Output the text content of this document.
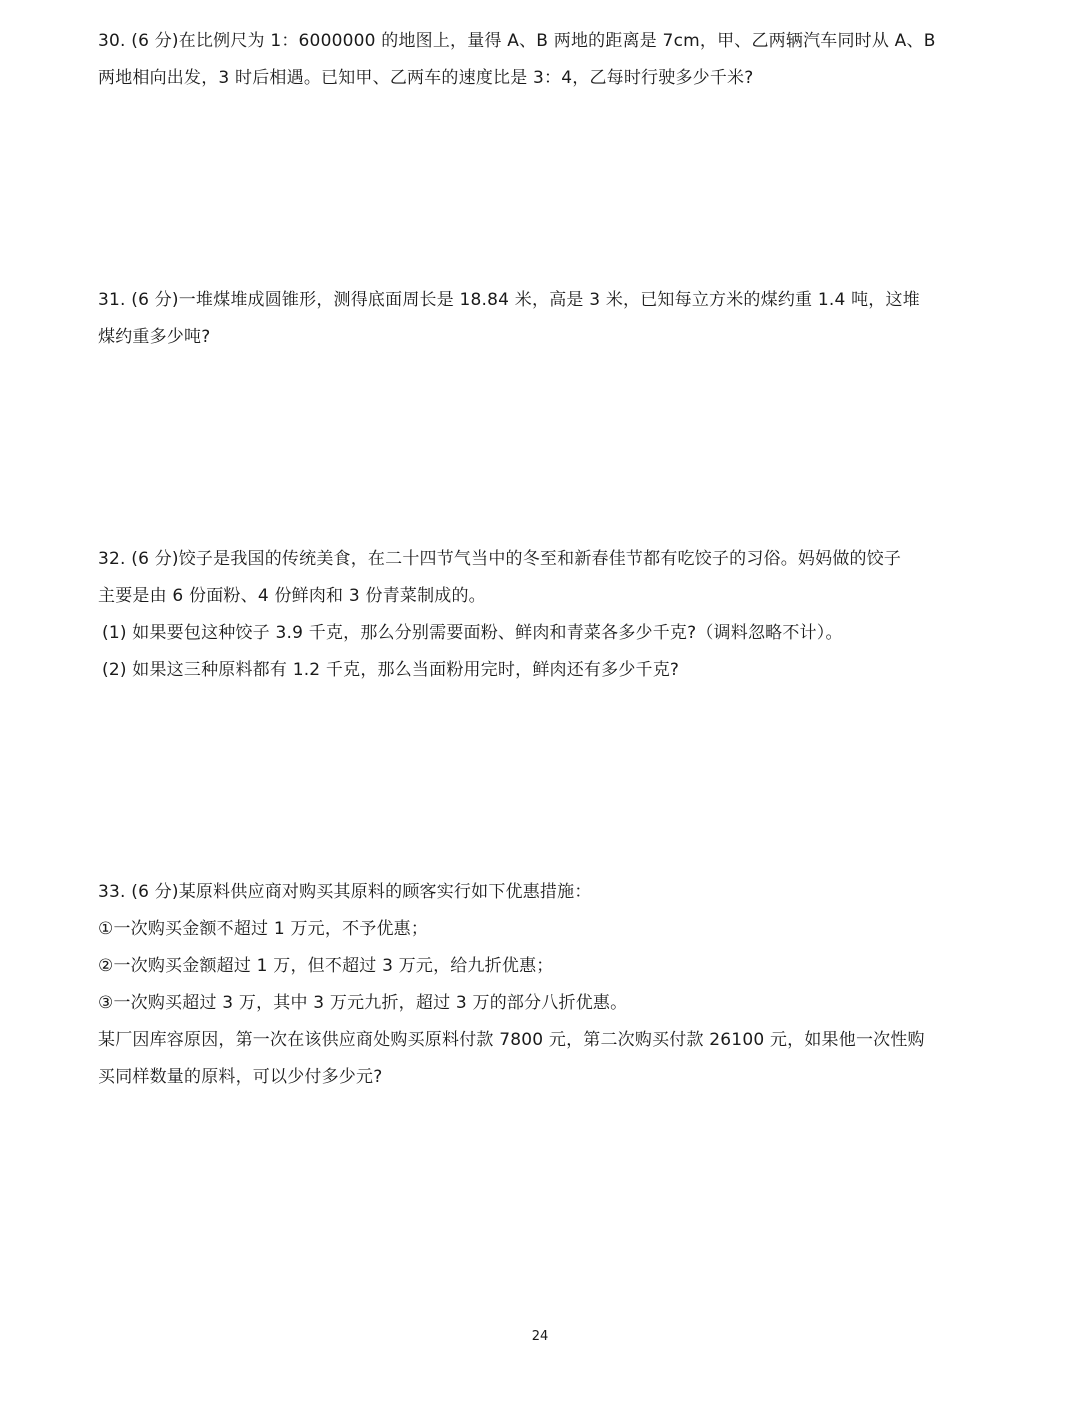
30. (6 分)在比例尺为 1：6000000 的地图上，量得 A、B 两地的距离是 7cm，甲、乙两辆汽车同时从 A、B
两地相向出发，3 时后相遇。已知甲、乙两车的速度比是 3：4，乙每时行驶多少千米?
31. (6 分)一堆煤堆成圆锥形，测得底面周长是 18.84 米，高是 3 米，已知每立方米的煤约重 1.4 吨，这堆
煤约重多少吨?
32. (6 分)饺子是我国的传统美食，在二十四节气当中的冬至和新春佳节都有吃饺子的习俗。妈妈做的饺子
主要是由 6 份面粉、4 份鲜肉和 3 份青菜制成的。
(1) 如果要包这种饺子 3.9 千克，那么分别需要面粉、鲜肉和青菜各多少千克?（调料忽略不计）。
(2) 如果这三种原料都有 1.2 千克，那么当面粉用完时，鲜肉还有多少千克?
33. (6 分)某原料供应商对购买其原料的顾客实行如下优惠措施：
①一次购买金额不超过 1 万元，不予优惠；
②一次购买金额超过 1 万，但不超过 3 万元，给九折优惠；
③一次购买超过 3 万，其中 3 万元九折，超过 3 万的部分八折优惠。
某厂因库容原因，第一次在该供应商处购买原料付款 7800 元，第二次购买付款 26100 元，如果他一次性购
买同样数量的原料，可以少付多少元?
24
